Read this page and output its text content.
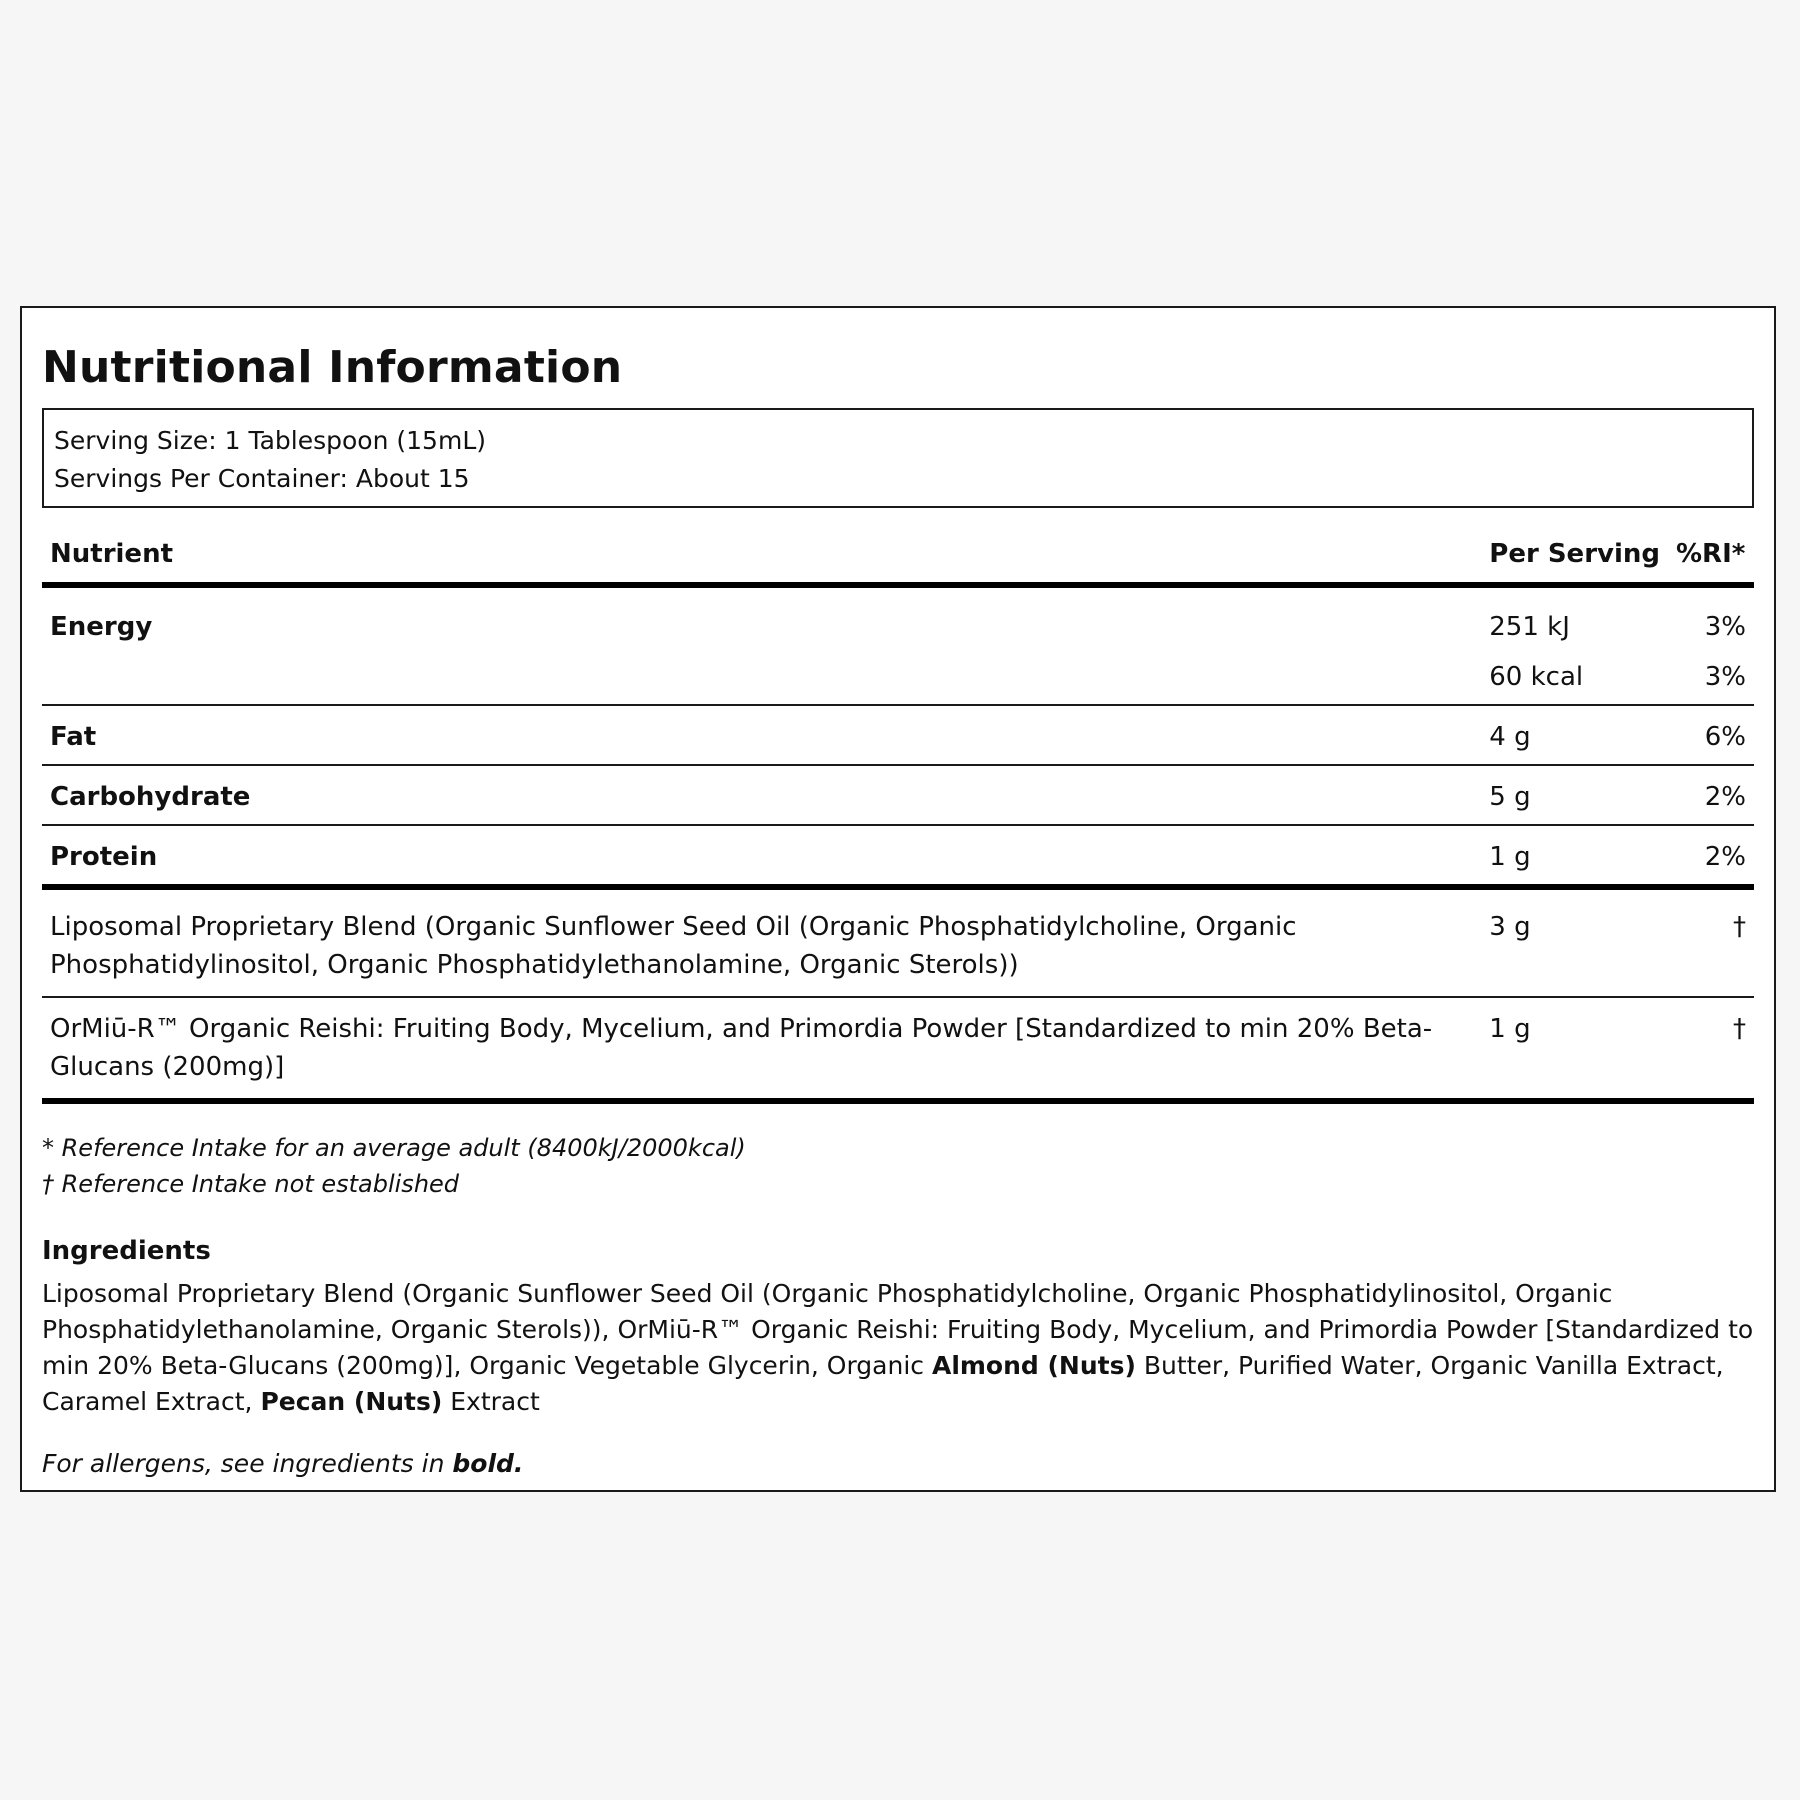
Nutritional Information
Serving Size: 1 Tablespoon (15mL)
Servings Per Container: About 15
Nutrient	Per Serving	%RI*
Energy	251 kJ	3%
	60 kcal	3%
Fat	4 g	6%
Carbohydrate	5 g	2%
Protein	1 g	2%
Liposomal Proprietary Blend (Organic Sunflower Seed Oil (Organic Phosphatidylcholine, Organic Phosphatidylinositol, Organic Phosphatidylethanolamine, Organic Sterols))	3 g	†
OrMiū-R™ Organic Reishi: Fruiting Body, Mycelium, and Primordia Powder [Standardized to min 20% Beta-Glucans (200mg)]	1 g	†
* Reference Intake for an average adult (8400kJ/2000kcal)
† Reference Intake not established
Ingredients
Liposomal Proprietary Blend (Organic Sunflower Seed Oil (Organic Phosphatidylcholine, Organic Phosphatidylinositol, Organic Phosphatidylethanolamine, Organic Sterols)), OrMiū-R™ Organic Reishi: Fruiting Body, Mycelium, and Primordia Powder [Standardized to min 20% Beta-Glucans (200mg)], Organic Vegetable Glycerin, Organic Almond (Nuts) Butter, Purified Water, Organic Vanilla Extract, Caramel Extract, Pecan (Nuts) Extract
For allergens, see ingredients in bold.
